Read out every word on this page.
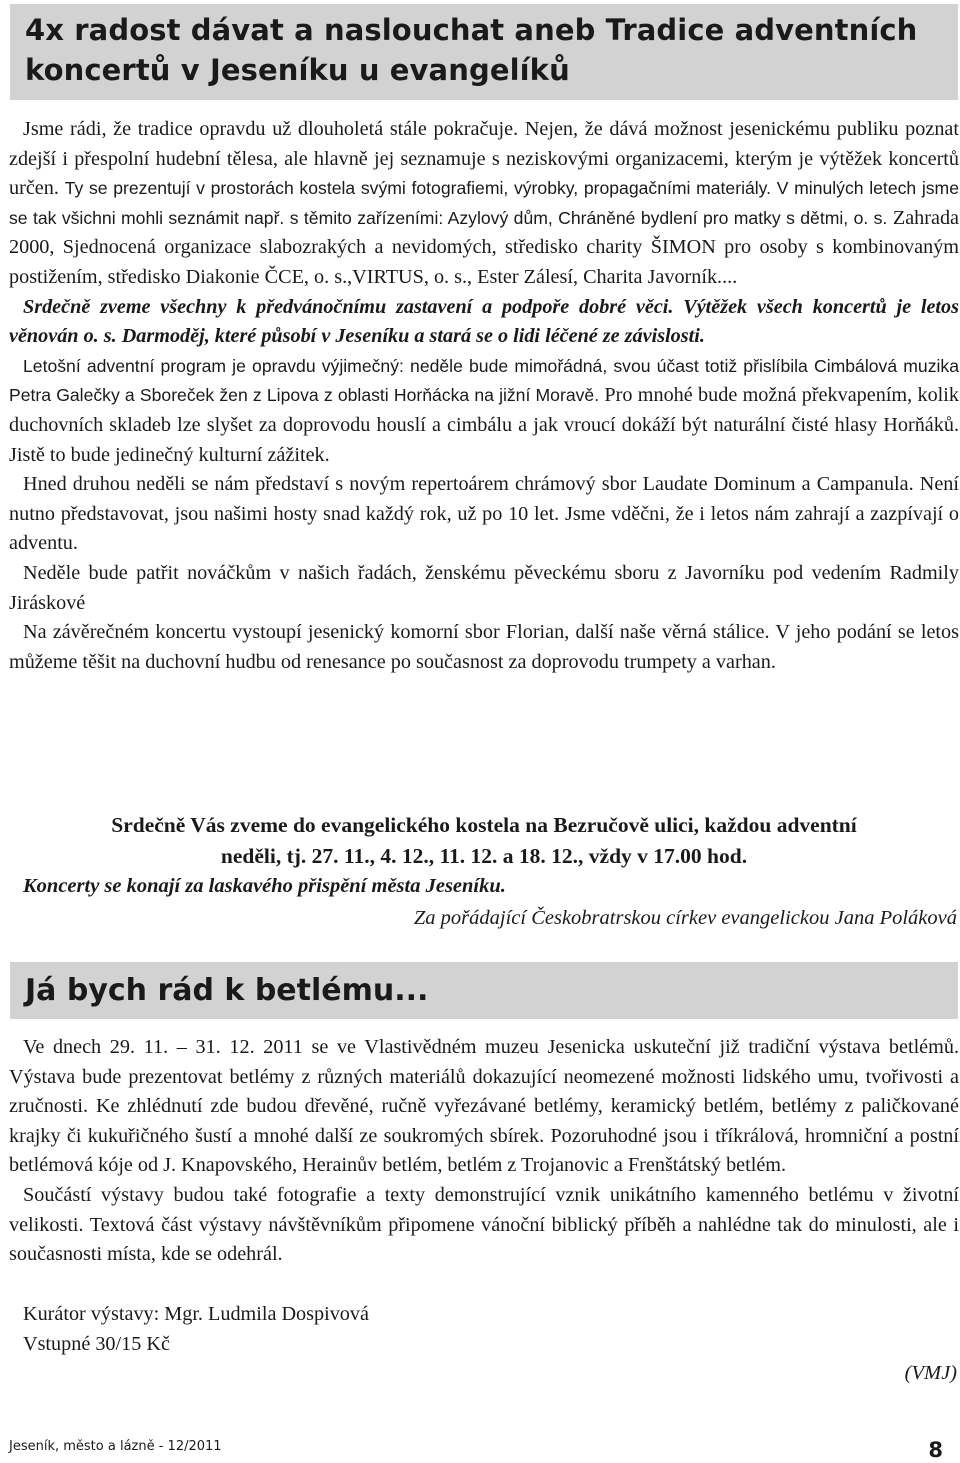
4x radost dávat a naslouchat aneb Tradice adventních koncertů v Jeseníku u evangelíků

Jsme rádi, že tradice opravdu už dlouholetá stále pokračuje. Nejen, že dává možnost jesenickému publiku poznat zdejší i přespolní hudební tělesa, ale hlavně jej seznamuje s neziskovými organizacemi, kterým je výtěžek koncertů určen. Ty se prezentují v prostorách kostela svými fotografiemi, výrobky, propagačními materiály. V minulých letech jsme se tak všichni mohli seznámit např. s těmito zařízeními: Azylový dům, Chráněné bydlení pro matky s dětmi, o. s. Zahrada 2000, Sjednocená organizace slabozrakých a nevidomých, středisko charity ŠIMON pro osoby s kombinovaným postižením, středisko Diakonie ČCE, o. s.,VIRTUS, o. s., Ester Zálesí, Charita Javorník....

Srdečně zveme všechny k předvánočnímu zastavení a podpoře dobré věci. Výtěžek všech koncertů je letos věnován o. s. Darmoděj, které působí v Jeseníku a stará se o lidi léčené ze závislosti.

Letošní adventní program je opravdu výjimečný: neděle bude mimořádná, svou účast totiž přislíbila Cimbálová muzika Petra Galečky a Sboreček žen z Lipova z oblasti Horňácka na jižní Moravě. Pro mnohé bude možná překvapením, kolik duchovních skladeb lze slyšet za doprovodu houslí a cimbálu a jak vroucí dokáží být naturální čisté hlasy Horňáků. Jistě to bude jedinečný kulturní zážitek.

Hned druhou neděli se nám představí s novým repertoárem chrámový sbor Laudate Dominum a Campanula. Není nutno představovat, jsou našimi hosty snad každý rok, už po 10 let. Jsme vděčni, že i letos nám zahrají a zazpívají o adventu.

Neděle bude patřit nováčkům v našich řadách, ženskému pěveckému sboru z Javorníku pod vedením Radmily Jiráskové

Na závěrečném koncertu vystoupí jesenický komorní sbor Florian, další naše věrná stálice. V jeho podání se letos můžeme těšit na duchovní hudbu od renesance po současnost za doprovodu trumpety a varhan.

Srdečně Vás zveme do evangelického kostela na Bezručově ulici, každou adventní
neděli, tj. 27. 11., 4. 12., 11. 12. a 18. 12., vždy v 17.00 hod.
Koncerty se konají za laskavého přispění města Jeseníku.
Za pořádající Českobratrskou církev evangelickou Jana Poláková
Já bych rád k betlému...

Ve dnech 29. 11. – 31. 12. 2011 se ve Vlastivědném muzeu Jesenicka uskuteční již tradiční výstava betlémů. Výstava bude prezentovat betlémy z různých materiálů dokazující neomezené možnosti lidského umu, tvořivosti a zručnosti. Ke zhlédnutí zde budou dřevěné, ručně vyřezávané betlémy, keramický betlém, betlémy z paličkované krajky či kukuřičného šustí a mnohé další ze soukromých sbírek. Pozoruhodné jsou i tříkrálová, hromniční a postní betlémová kóje od J. Knapovského, Herainův betlém, betlém z Trojanovic a Frenštátský betlém.

Součástí výstavy budou také fotografie a texty demonstrující vznik unikátního kamenného betlému v životní velikosti. Textová část výstavy návštěvníkům připomene vánoční biblický příběh a nahlédne tak do minulosti, ale i současnosti místa, kde se odehrál.

Kurátor výstavy: Mgr. Ludmila Dospivová
Vstupné 30/15 Kč
(VMJ)
Jeseník, město a lázně - 12/2011	8
